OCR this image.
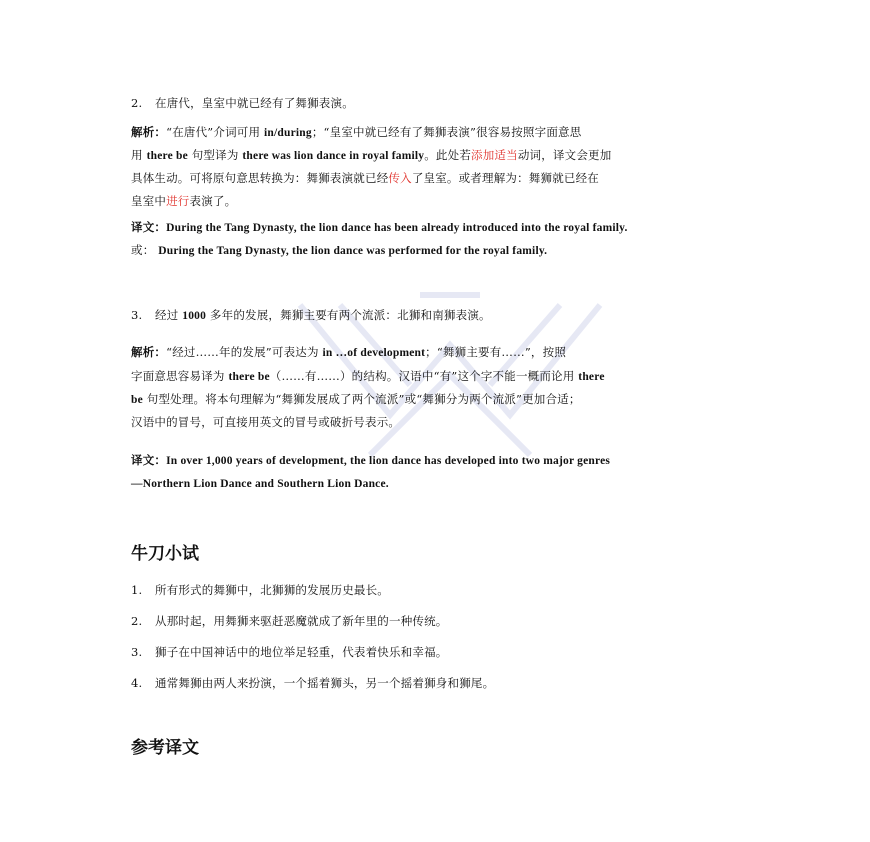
2. 在唐代，皇室中就已经有了舞狮表演。
解析：“在唐代”介词可用 in/during；“皇室中就已经有了舞狮表演”很容易按照字面意思
用 there be 句型译为 there was lion dance in royal family。此处若添加适当动词，译文会更加
具体生动。可将原句意思转换为：舞狮表演就已经传入了皇室。或者理解为：舞狮就已经在
皇室中进行表演了。
译文：During the Tang Dynasty, the lion dance has been already introduced into the royal family.
或： During the Tang Dynasty, the lion dance was performed for the royal family.
3. 经过 1000 多年的发展，舞狮主要有两个流派：北狮和南狮表演。
解析：“经过……年的发展”可表达为 in …of development；“舞狮主要有……”，按照
字面意思容易译为 there be（……有……）的结构。汉语中“有”这个字不能一概而论用 there
be 句型处理。将本句理解为“舞狮发展成了两个流派”或“舞狮分为两个流派”更加合适；
汉语中的冒号，可直接用英文的冒号或破折号表示。
译文：In over 1,000 years of development, the lion dance has developed into two major genres
—Northern Lion Dance and Southern Lion Dance.
牛刀小试
1. 所有形式的舞狮中，北狮狮的发展历史最长。
2. 从那时起，用舞狮来驱赶恶魔就成了新年里的一种传统。
3. 狮子在中国神话中的地位举足轻重，代表着快乐和幸福。
4. 通常舞狮由两人来扮演，一个摇着狮头，另一个摇着狮身和狮尾。
参考译文
